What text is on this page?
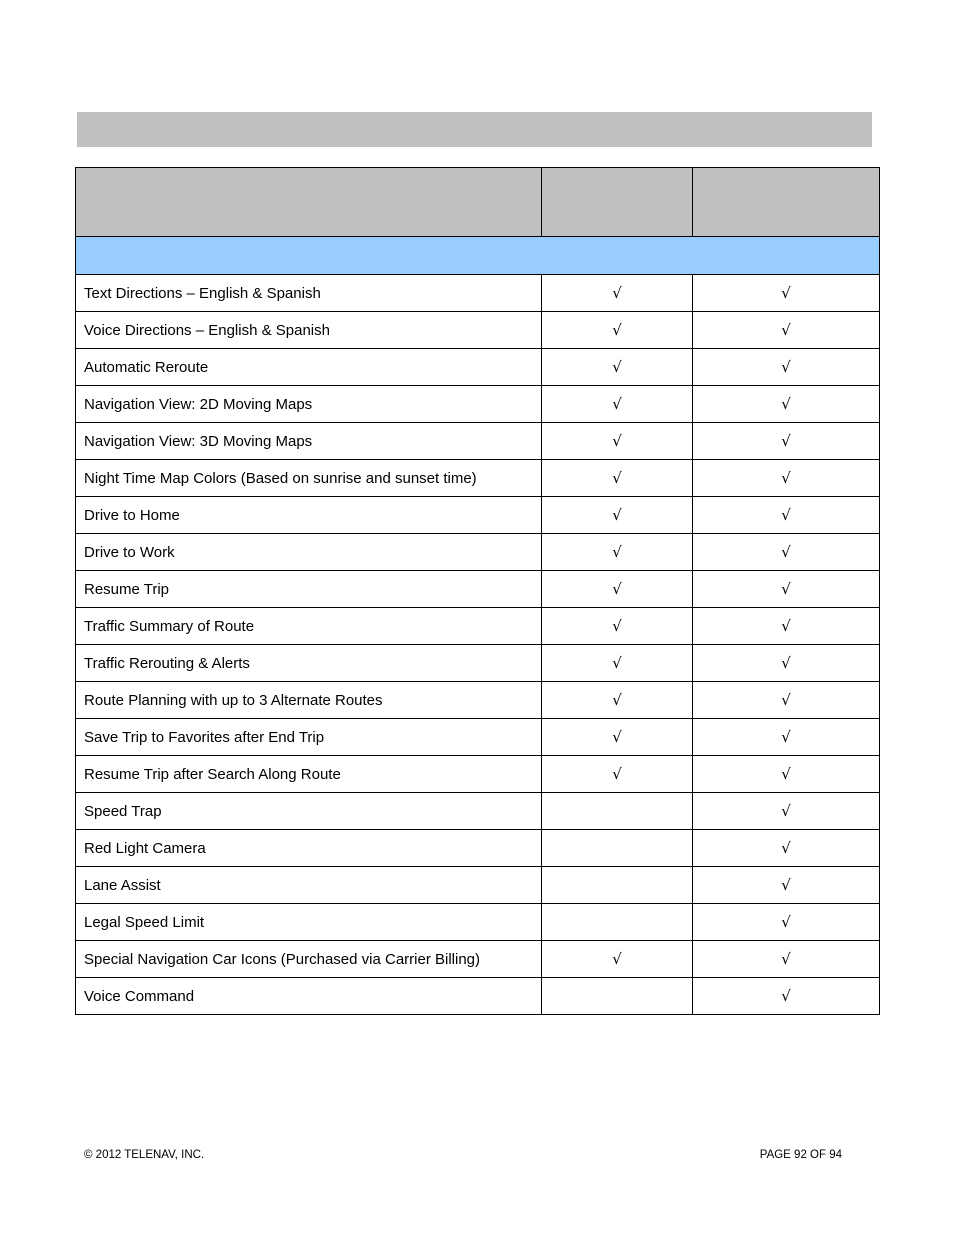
Text Directions – English & Spanish	√	√
Voice Directions – English & Spanish	√	√
Automatic Reroute	√	√
Navigation View: 2D Moving Maps	√	√
Navigation View: 3D Moving Maps	√	√
Night Time Map Colors (Based on sunrise and sunset time)	√	√
Drive to Home	√	√
Drive to Work	√	√
Resume Trip	√	√
Traffic Summary of Route	√	√
Traffic Rerouting & Alerts	√	√
Route Planning with up to 3 Alternate Routes	√	√
Save Trip to Favorites after End Trip	√	√
Resume Trip after Search Along Route	√	√
Speed Trap		√
Red Light Camera		√
Lane Assist		√
Legal Speed Limit		√
Special Navigation Car Icons (Purchased via Carrier Billing)	√	√
Voice Command		√
© 2012 TELENAV, INC.	PAGE 92 OF 94
